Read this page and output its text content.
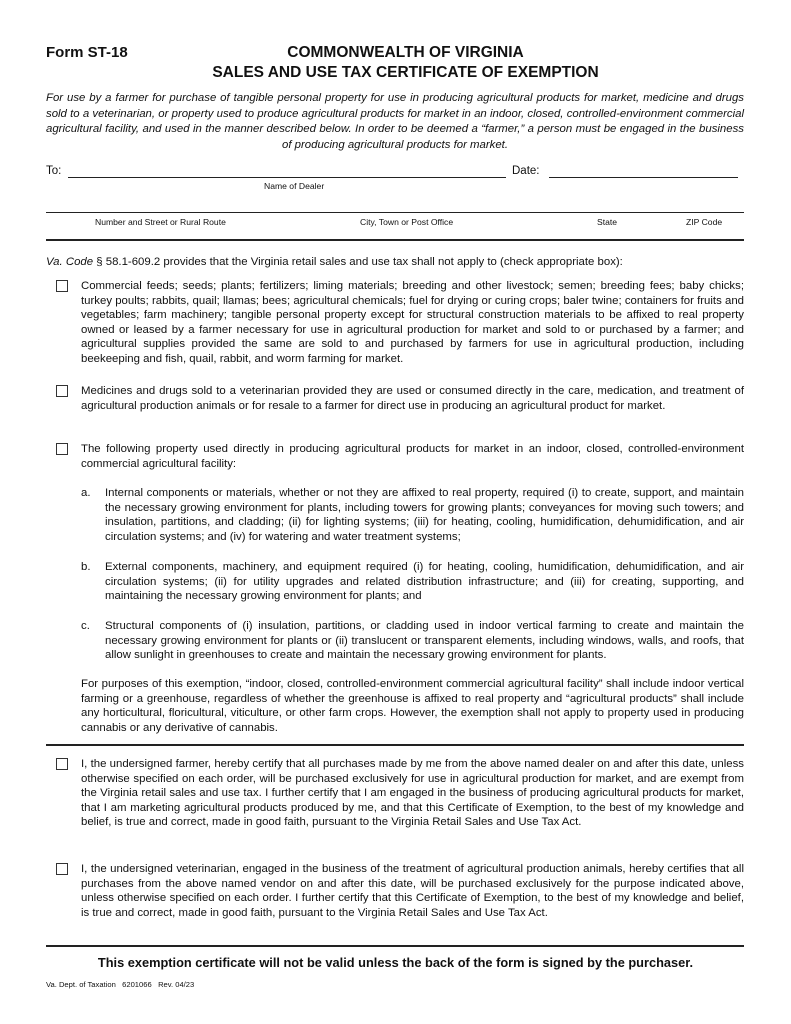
Form ST-18	COMMONWEALTH OF VIRGINIA
SALES AND USE TAX CERTIFICATE OF EXEMPTION
For use by a farmer for purchase of tangible personal property for use in producing agricultural products for market, medicine and drugs sold to a veterinarian, or property used to produce agricultural products for market in an indoor, closed, controlled-environment commercial agricultural facility, and used in the manner described below. In order to be deemed a “farmer,” a person must be engaged in the business of producing agricultural products for market.
To:	Date:
Name of Dealer
Number and Street or Rural Route	City, Town or Post Office	State	ZIP Code
Va. Code § 58.1-609.2 provides that the Virginia retail sales and use tax shall not apply to (check appropriate box):
Commercial feeds; seeds; plants; fertilizers; liming materials; breeding and other livestock; semen; breeding fees; baby chicks; turkey poults; rabbits, quail; llamas; bees; agricultural chemicals; fuel for drying or curing crops; baler twine; containers for fruits and vegetables; farm machinery; tangible personal property except for structural construction materials to be affixed to real property owned or leased by a farmer necessary for use in agricultural production for market and sold to or purchased by a farmer; and agricultural supplies provided the same are sold to and purchased by farmers for use in agricultural production, including beekeeping and fish, quail, rabbit, and worm farming for market.
Medicines and drugs sold to a veterinarian provided they are used or consumed directly in the care, medication, and treatment of agricultural production animals or for resale to a farmer for direct use in producing an agricultural product for market.
The following property used directly in producing agricultural products for market in an indoor, closed, controlled-environment commercial agricultural facility:
a. Internal components or materials, whether or not they are affixed to real property, required (i) to create, support, and maintain the necessary growing environment for plants, including towers for growing plants; conveyances for moving such towers; and insulation, partitions, and cladding; (ii) for lighting systems; (iii) for heating, cooling, humidification, dehumidification, and air circulation systems; and (iv) for watering and water treatment systems;
b. External components, machinery, and equipment required (i) for heating, cooling, humidification, dehumidification, and air circulation systems; (ii) for utility upgrades and related distribution infrastructure; and (iii) for creating, supporting, and maintaining the necessary growing environment for plants; and
c. Structural components of (i) insulation, partitions, or cladding used in indoor vertical farming to create and maintain the necessary growing environment for plants or (ii) translucent or transparent elements, including windows, walls, and roofs, that allow sunlight in greenhouses to create and maintain the necessary growing environment for plants.
For purposes of this exemption, “indoor, closed, controlled-environment commercial agricultural facility” shall include indoor vertical farming or a greenhouse, regardless of whether the greenhouse is affixed to real property and “agricultural products” shall include any horticultural, floricultural, viticulture, or other farm crops. However, the exemption shall not apply to property used in producing cannabis or any derivative of cannabis.
I, the undersigned farmer, hereby certify that all purchases made by me from the above named dealer on and after this date, unless otherwise specified on each order, will be purchased exclusively for use in agricultural production for market, and are exempt from the Virginia retail sales and use tax. I further certify that I am engaged in the business of producing agricultural products for market, that I am marketing agricultural products produced by me, and that this Certificate of Exemption, to the best of my knowledge and belief, is true and correct, made in good faith, pursuant to the Virginia Retail Sales and Use Tax Act.
I, the undersigned veterinarian, engaged in the business of the treatment of agricultural production animals, hereby certifies that all purchases from the above named vendor on and after this date, will be purchased exclusively for the purpose indicated above, unless otherwise specified on each order. I further certify that this Certificate of Exemption, to the best of my knowledge and belief, is true and correct, made in good faith, pursuant to the Virginia Retail Sales and Use Tax Act.
This exemption certificate will not be valid unless the back of the form is signed by the purchaser.
Va. Dept. of Taxation 6201066 Rev. 04/23
